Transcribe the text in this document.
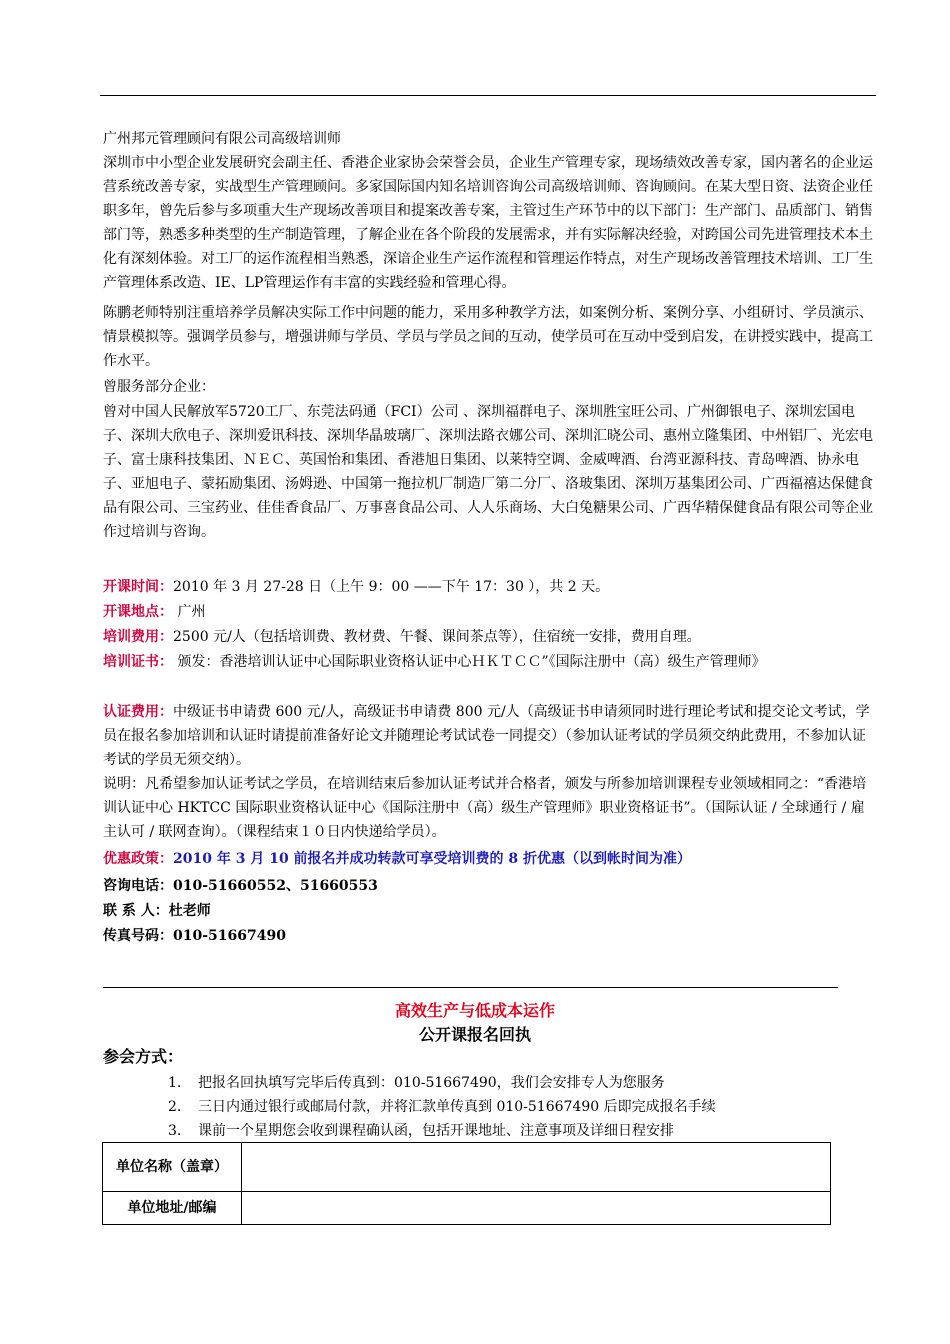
广州邦元管理顾问有限公司高级培训师

深圳市中小型企业发展研究会副主任、香港企业家协会荣誉会员，企业生产管理专家，现场绩效改善专家，国内著名的企业运营系统改善专家，实战型生产管理顾问。多家国际国内知名培训咨询公司高级培训师、咨询顾问。在某大型日资、法资企业任职多年，曾先后参与多项重大生产现场改善项目和提案改善专案，主管过生产环节中的以下部门：生产部门、品质部门、销售部门等，熟悉多种类型的生产制造管理，了解企业在各个阶段的发展需求，并有实际解决经验，对跨国公司先进管理技术本土化有深刻体验。对工厂的运作流程相当熟悉，深谙企业生产运作流程和管理运作特点，对生产现场改善管理技术培训、工厂生产管理体系改造、IE、LP管理运作有丰富的实践经验和管理心得。

陈鹏老师特别注重培养学员解决实际工作中问题的能力，采用多种教学方法，如案例分析、案例分享、小组研讨、学员演示、情景模拟等。强调学员参与，增强讲师与学员、学员与学员之间的互动，使学员可在互动中受到启发，在讲授实践中，提高工作水平。

曾服务部分企业：

曾对中国人民解放军5720工厂、东莞法码通（FCI）公司 、深圳福群电子、深圳胜宝旺公司、广州御银电子、深圳宏国电子、深圳大欣电子、深圳爱讯科技、深圳华晶玻璃厂、深圳法路衣娜公司、深圳汇晓公司、惠州立隆集团、中州铝厂、光宏电子、富士康科技集团、ＮＥＣ、英国怡和集团、香港旭日集团、以莱特空调、金威啤酒、台湾亚源科技、青岛啤酒、协永电子、亚旭电子、蒙拓励集团、汤姆逊、中国第一拖拉机厂制造厂第二分厂、洛玻集团、深圳万基集团公司、广西福禧达保健食品有限公司、三宝药业、佳佳香食品厂、万事喜食品公司、人人乐商场、大白兔糖果公司、广西华精保健食品有限公司等企业作过培训与咨询。

开课时间：2010 年 3 月 27-28 日（上午 9：00 ——下午 17：30 ），共 2 天。

开课地点： 广州

培训费用：2500 元/人（包括培训费、教材费、午餐、课间茶点等），住宿统一安排，费用自理。

培训证书： 颁发：香港培训认证中心国际职业资格认证中心ＨＫＴＣＣ”《国际注册中（高）级生产管理师》

认证费用：中级证书申请费 600 元/人，高级证书申请费 800 元/人（高级证书申请须同时进行理论考试和提交论文考试，学员在报名参加培训和认证时请提前准备好论文并随理论考试试卷一同提交）（参加认证考试的学员须交纳此费用，不参加认证考试的学员无须交纳）。

说明：凡希望参加认证考试之学员，在培训结束后参加认证考试并合格者，颁发与所参加培训课程专业领域相同之：“香港培训认证中心 HKTCC 国际职业资格认证中心《国际注册中（高）级生产管理师》职业资格证书”。（国际认证 / 全球通行 / 雇主认可 / 联网查询）。（课程结束１０日内快递给学员）。

优惠政策：2010 年 3 月 10 前报名并成功转款可享受培训费的 8 折优惠（以到帐时间为准）

咨询电话：010-51660552、51660553

联 系 人：杜老师

传真号码：010-51667490

高效生产与低成本运作
公开课报名回执
参会方式：
1. 把报名回执填写完毕后传真到：010-51667490，我们会安排专人为您服务
2. 三日内通过银行或邮局付款，并将汇款单传真到 010-51667490 后即完成报名手续
3. 课前一个星期您会收到课程确认函，包括开课地址、注意事项及详细日程安排
单位名称（盖章）	
单位地址/邮编	
